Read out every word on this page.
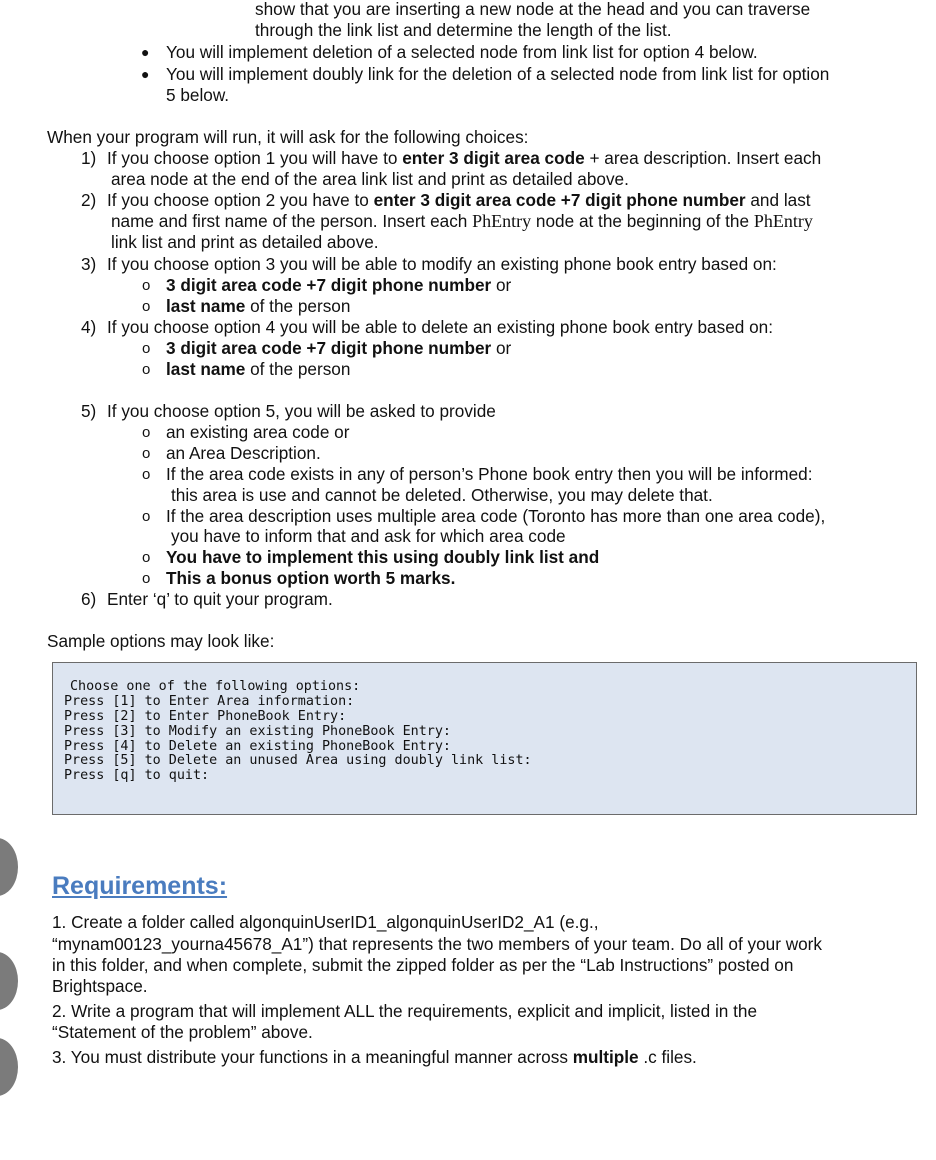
show that you are inserting a new node at the head and you can traverse
through the link list and determine the length of the list.
● You will implement deletion of a selected node from link list for option 4 below.
● You will implement doubly link for the deletion of a selected node from link list for option
5 below.
When your program will run, it will ask for the following choices:
1) If you choose option 1 you will have to enter 3 digit area code + area description. Insert each
area node at the end of the area link list and print as detailed above.
2) If you choose option 2 you have to enter 3 digit area code +7 digit phone number and last
name and first name of the person. Insert each PhEntry node at the beginning of the PhEntry
link list and print as detailed above.
3) If you choose option 3 you will be able to modify an existing phone book entry based on:
o 3 digit area code +7 digit phone number or
o last name of the person
4) If you choose option 4 you will be able to delete an existing phone book entry based on:
o 3 digit area code +7 digit phone number or
o last name of the person
5) If you choose option 5, you will be asked to provide
o an existing area code or
o an Area Description.
o If the area code exists in any of person’s Phone book entry then you will be informed:
this area is use and cannot be deleted. Otherwise, you may delete that.
o If the area description uses multiple area code (Toronto has more than one area code),
you have to inform that and ask for which area code
o You have to implement this using doubly link list and
o This a bonus option worth 5 marks.
6) Enter ‘q’ to quit your program.
Sample options may look like:
Choose one of the following options:
Press [1] to Enter Area information:
Press [2] to Enter PhoneBook Entry:
Press [3] to Modify an existing PhoneBook Entry:
Press [4] to Delete an existing PhoneBook Entry:
Press [5] to Delete an unused Area using doubly link list:
Press [q] to quit:
Requirements:
1. Create a folder called algonquinUserID1_algonquinUserID2_A1 (e.g.,
“mynam00123_yourna45678_A1”) that represents the two members of your team. Do all of your work
in this folder, and when complete, submit the zipped folder as per the “Lab Instructions” posted on
Brightspace.
2. Write a program that will implement ALL the requirements, explicit and implicit, listed in the
“Statement of the problem” above.
3. You must distribute your functions in a meaningful manner across multiple .c files.
